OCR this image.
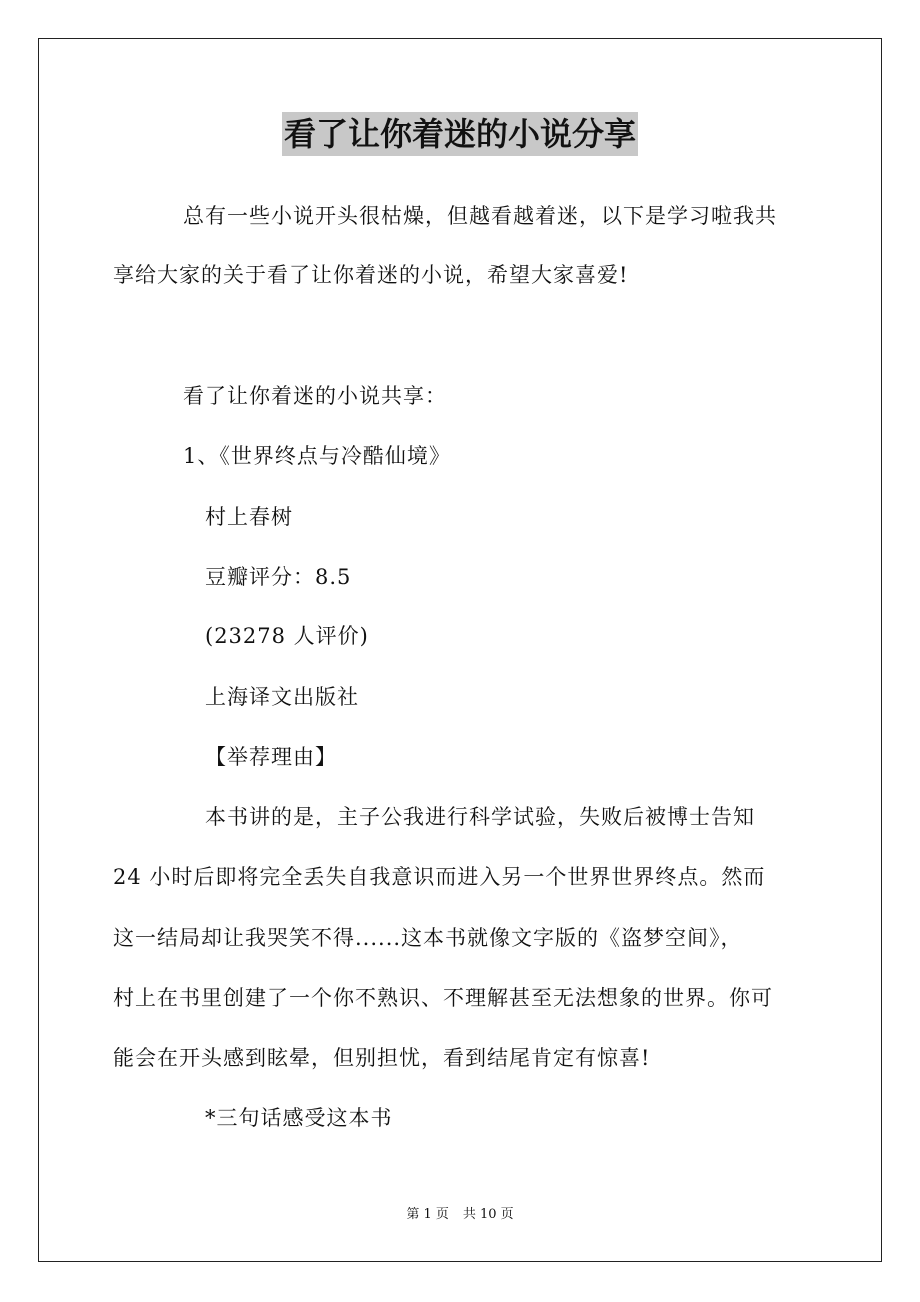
看了让你着迷的小说分享
总有一些小说开头很枯燥，但越看越着迷，以下是学习啦我共
享给大家的关于看了让你着迷的小说，希望大家喜爱!
看了让你着迷的小说共享：
1、《世界终点与冷酷仙境》
村上春树
豆瓣评分：8.5
(23278 人评价)
上海译文出版社
【举荐理由】
本书讲的是，主子公我进行科学试验，失败后被博士告知
24 小时后即将完全丢失自我意识而进入另一个世界世界终点。然而
这一结局却让我哭笑不得......这本书就像文字版的《盗梦空间》，
村上在书里创建了一个你不熟识、不理解甚至无法想象的世界。你可
能会在开头感到眩晕，但别担忧，看到结尾肯定有惊喜!
*三句话感受这本书
第 1 页 共 10 页
